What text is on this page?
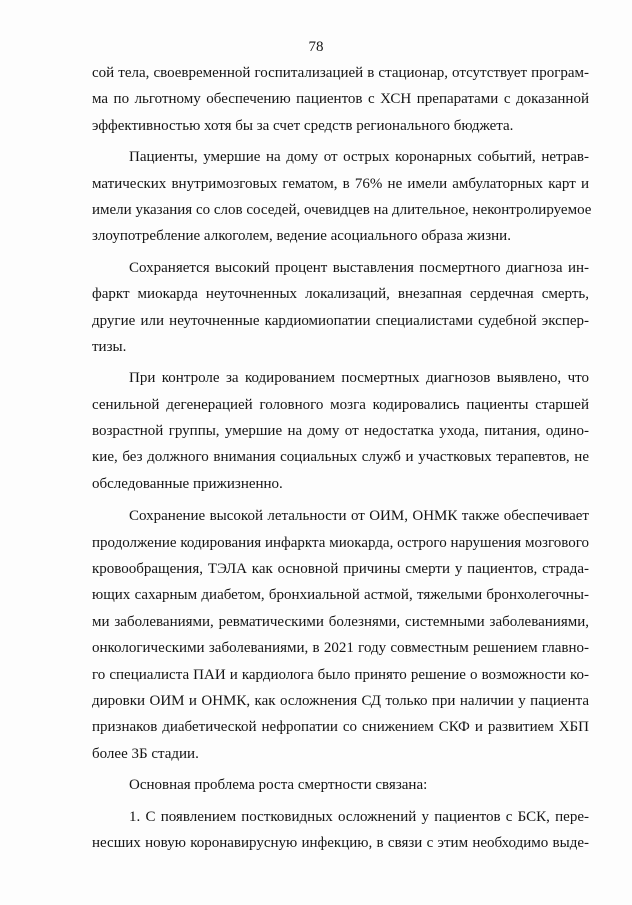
78
сой тела, своевременной госпитализацией в стационар, отсутствует програм-
ма по льготному обеспечению пациентов с ХСН препаратами с доказанной
эффективностью хотя бы за счет средств регионального бюджета.
Пациенты, умершие на дому от острых коронарных событий, нетрав-
матических внутримозговых гематом, в 76% не имели амбулаторных карт и
имели указания со слов соседей, очевидцев на длительное, неконтролируемое
злоупотребление алкоголем, ведение асоциального образа жизни.
Сохраняется высокий процент выставления посмертного диагноза ин-
фаркт миокарда неуточненных локализаций, внезапная сердечная смерть,
другие или неуточненные кардиомиопатии специалистами судебной экспер-
тизы.
При контроле за кодированием посмертных диагнозов выявлено, что
сенильной дегенерацией головного мозга кодировались пациенты старшей
возрастной группы, умершие на дому от недостатка ухода, питания, одино-
кие, без должного внимания социальных служб и участковых терапевтов, не
обследованные прижизненно.
Сохранение высокой летальности от ОИМ, ОНМК также обеспечивает
продолжение кодирования инфаркта миокарда, острого нарушения мозгового
кровообращения, ТЭЛА как основной причины смерти у пациентов, страда-
ющих сахарным диабетом, бронхиальной астмой, тяжелыми бронхолегочны-
ми заболеваниями, ревматическими болезнями, системными заболеваниями,
онкологическими заболеваниями, в 2021 году совместным решением главно-
го специалиста ПАИ и кардиолога было принято решение о возможности ко-
дировки ОИМ и ОНМК, как осложнения СД только при наличии у пациента
признаков диабетической нефропатии со снижением СКФ и развитием ХБП
более 3Б стадии.
Основная проблема роста смертности связана:
1. С появлением постковидных осложнений у пациентов с БСК, пере-
несших новую коронавирусную инфекцию, в связи с этим необходимо выде-
